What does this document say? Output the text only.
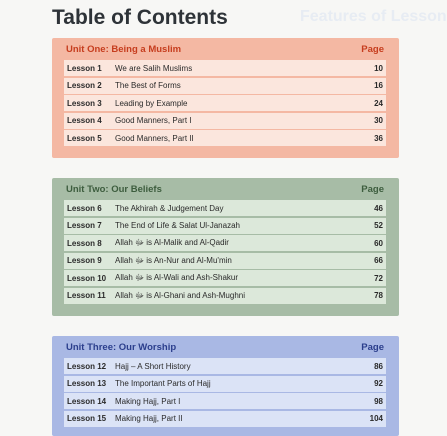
Features of Lesson
Table of Contents
Unit One: Being a Muslim	Page
Lesson 1	We are Salih Muslims	10
Lesson 2	The Best of Forms	16
Lesson 3	Leading by Example	24
Lesson 4	Good Manners, Part I	30
Lesson 5	Good Manners, Part II	36
Unit Two: Our Beliefs	Page
Lesson 6	The Akhirah & Judgement Day	46
Lesson 7	The End of Life & Salat Ul-Janazah	52
Lesson 8	Allah ﷻ is Al-Malik and Al-Qadir	60
Lesson 9	Allah ﷻ is An-Nur and Al-Mu'min	66
Lesson 10	Allah ﷻ is Al-Wali and Ash-Shakur	72
Lesson 11	Allah ﷻ is Al-Ghani and Ash-Mughni	78
Unit Three: Our Worship	Page
Lesson 12	Hajj – A Short History	86
Lesson 13	The Important Parts of Hajj	92
Lesson 14	Making Hajj, Part I	98
Lesson 15	Making Hajj, Part II	104
